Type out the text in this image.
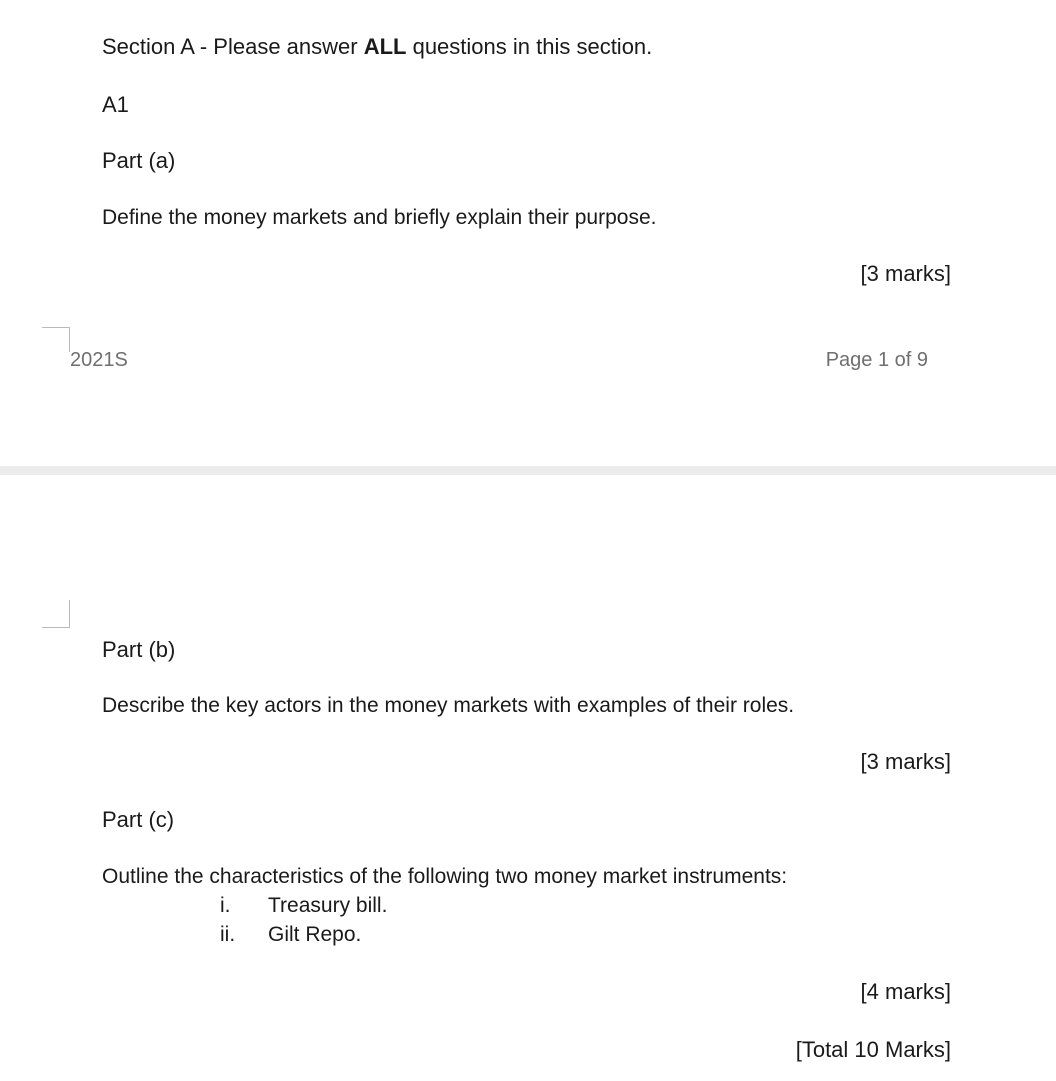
Section A - Please answer ALL questions in this section.
A1
Part (a)
Define the money markets and briefly explain their purpose.
[3 marks]
2021S	Page 1 of 9
Part (b)
Describe the key actors in the money markets with examples of their roles.
[3 marks]
Part (c)
Outline the characteristics of the following two money market instruments:
i. Treasury bill.
ii. Gilt Repo.
[4 marks]
[Total 10 Marks]
